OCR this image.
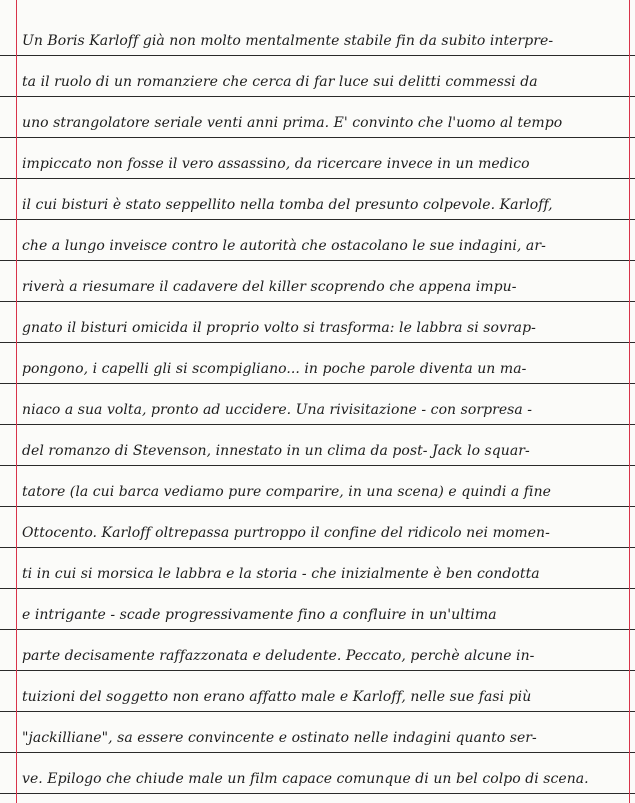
Un Boris Karloff già non molto mentalmente stabile fin da subito interpre-
ta il ruolo di un romanziere che cerca di far luce sui delitti commessi da
uno strangolatore seriale venti anni prima. E' convinto che l'uomo al tempo
impiccato non fosse il vero assassino, da ricercare invece in un medico
il cui bisturi è stato seppellito nella tomba del presunto colpevole. Karloff,
che a lungo inveisce contro le autorità che ostacolano le sue indagini, ar-
riverà a riesumare il cadavere del killer scoprendo che appena impu-
gnato il bisturi omicida il proprio volto si trasforma: le labbra si sovrap-
pongono, i capelli gli si scompigliano... in poche parole diventa un ma-
niaco a sua volta, pronto ad uccidere. Una rivisitazione - con sorpresa -
del romanzo di Stevenson, innestato in un clima da post- Jack lo squar-
tatore (la cui barca vediamo pure comparire, in una scena) e quindi a fine
Ottocento. Karloff oltrepassa purtroppo il confine del ridicolo nei momen-
ti in cui si morsica le labbra e la storia - che inizialmente è ben condotta
e intrigante - scade progressivamente fino a confluire in un'ultima
parte decisamente raffazzonata e deludente. Peccato, perchè alcune in-
tuizioni del soggetto non erano affatto male e Karloff, nelle sue fasi più
"jackilliane", sa essere convincente e ostinato nelle indagini quanto ser-
ve. Epilogo che chiude male un film capace comunque di un bel colpo di scena.
